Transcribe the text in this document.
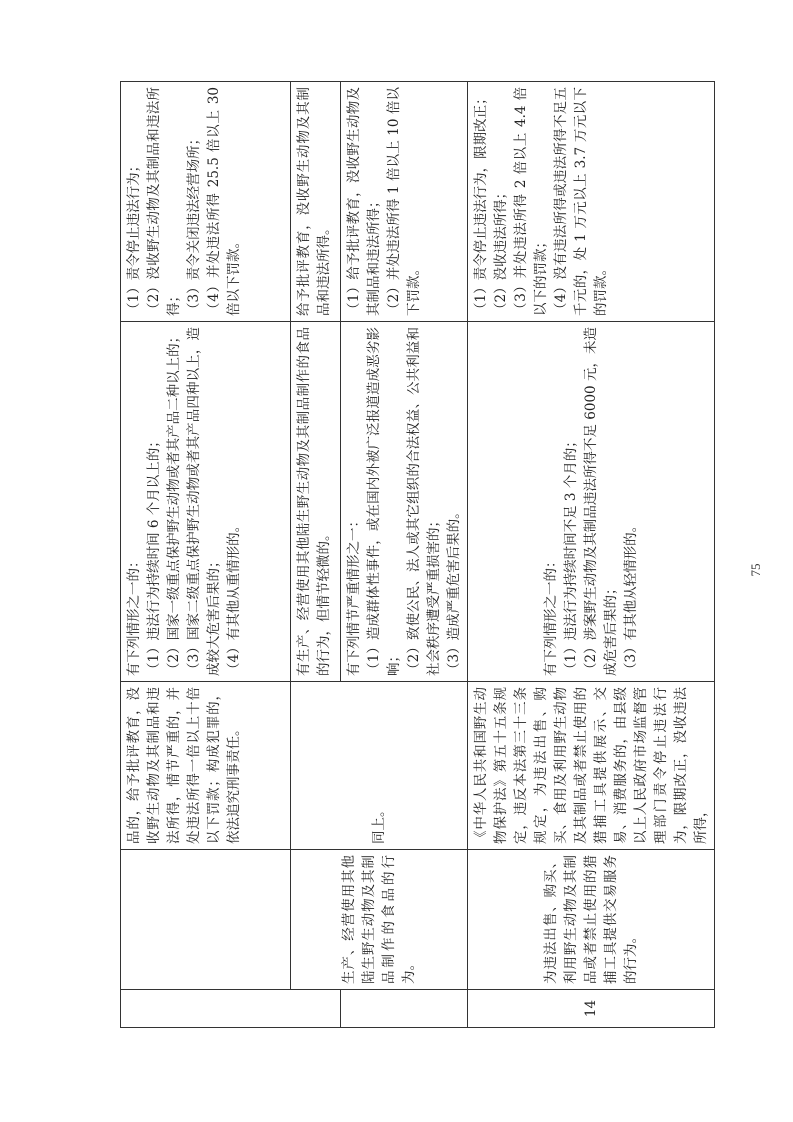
		品的，给予批评教育，没收野生动物及其制品和违法所得，情节严重的，并处违法所得一倍以上十倍以下罚款；构成犯罪的，依法追究刑事责任。	有下列情形之一的： （1）违法行为持续时间 6 个月以上的； （2）国家一级重点保护野生动物或者其产品二种以上的； （3）国家二级重点保护野生动物或者其产品四种以上，造成较大危害后果的； （4）有其他从重情形的。	（1）责令停止违法行为； （2）没收野生动物及其制品和违法所得； （3）责令关闭违法经营场所； （4）并处违法所得 25.5 倍以上 30 倍以下罚款。

	生产、经营使用其他陆生野生动物及其制品制作的食品的行为。	同上。	有生产、经营使用其他陆生野生动物及其制品制作的食品的行为，但情节轻微的。	给予批评教育，没收野生动物及其制品和违法所得。

			有下列情节严重情形之一： （1）造成群体性事件，或在国内外被广泛报道造成恶劣影响； （2）致使公民、法人或其它组织的合法权益、公共利益和社会秩序遭受严重损害的； （3）造成严重危害后果的。	（1）给予批评教育，没收野生动物及其制品和违法所得； （2）并处违法所得 1 倍以上 10 倍以下罚款。

14	为违法出售、购买、利用野生动物及其制品或者禁止使用的猎捕工具提供交易服务的行为。	《中华人民共和国野生动物保护法》第五十五条规定，违反本法第三十三条规定，为违法出售、购买、食用及利用野生动物及其制品或者禁止使用的猎捕工具提供展示、交易、消费服务的，由县级以上人民政府市场监督管理部门责令停止违法行为，限期改正，没收违法所得，	有下列情形之一的： （1）违法行为持续时间不足 3 个月的； （2）涉案野生动物及其制品违法所得不足 6000 元，未造成危害后果的； （3）有其他从轻情形的。	（1）责令停止违法行为，限期改正； （2）没收违法所得； （3）并处违法所得 2 倍以上 4.4 倍以下的罚款； （4）没有违法所得或违法所得不足五千元的，处 1 万元以上 3.7 万元以下的罚款。
75
